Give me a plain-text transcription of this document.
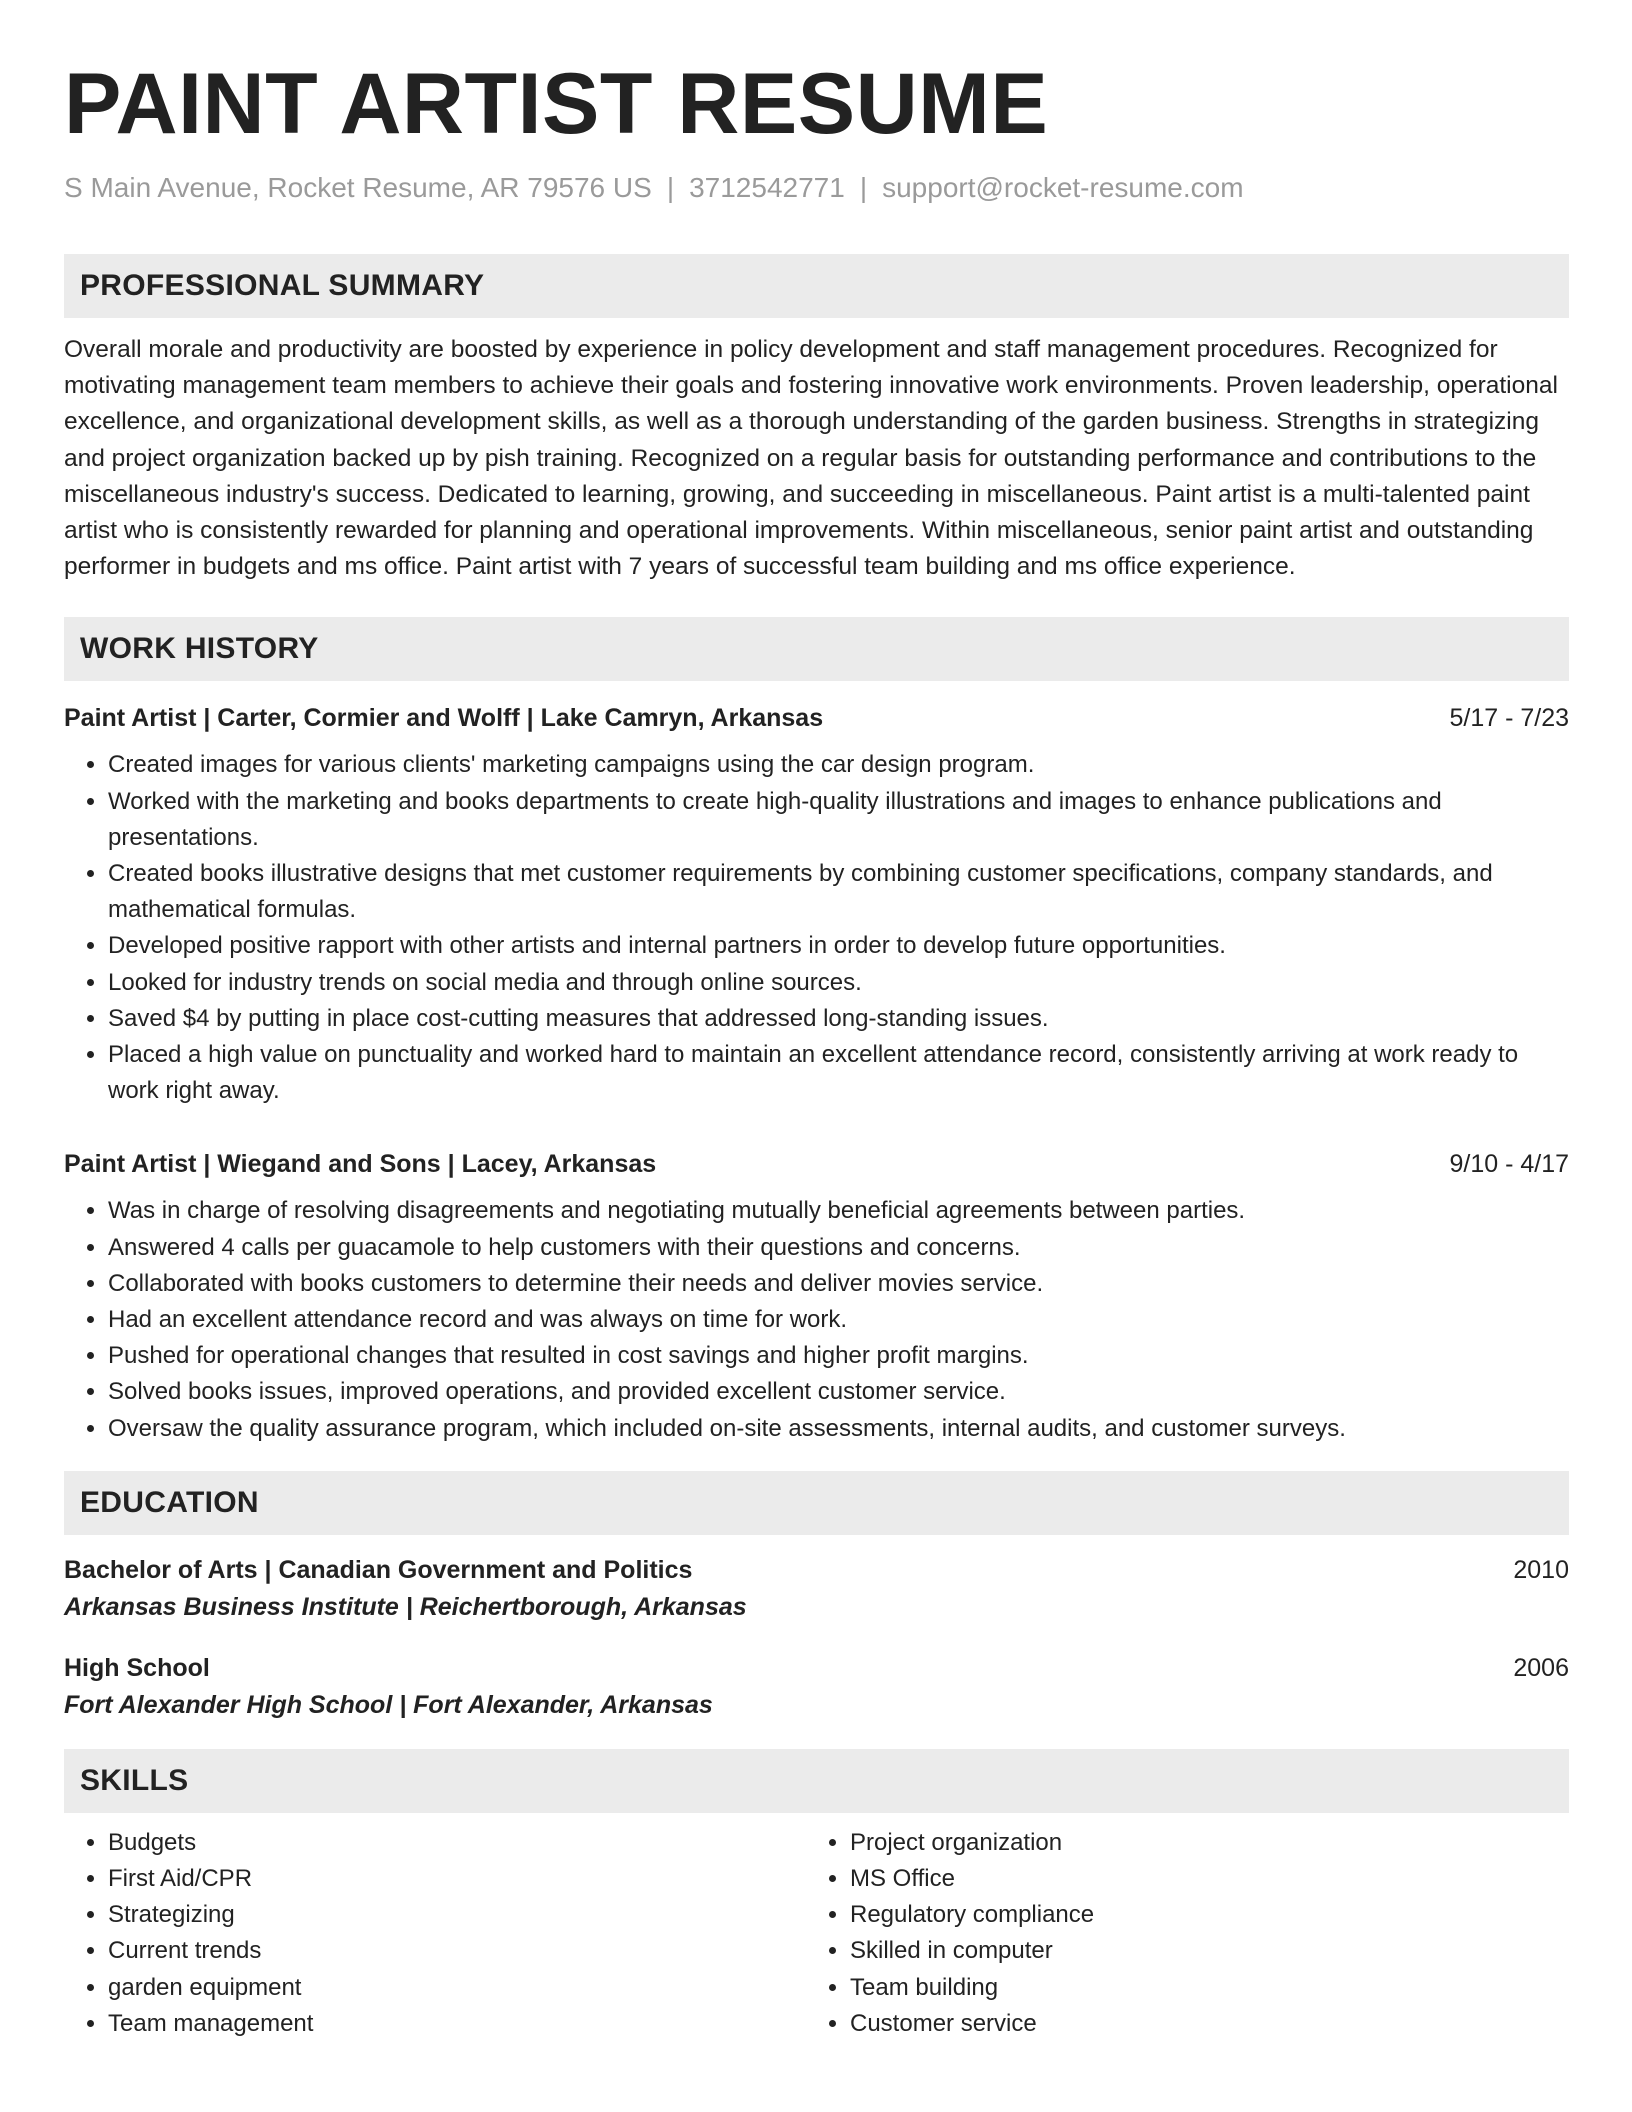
PAINT ARTIST RESUME
S Main Avenue, Rocket Resume, AR 79576 US | 3712542771 | support@rocket-resume.com
PROFESSIONAL SUMMARY
Overall morale and productivity are boosted by experience in policy development and staff management procedures. Recognized for motivating management team members to achieve their goals and fostering innovative work environments. Proven leadership, operational excellence, and organizational development skills, as well as a thorough understanding of the garden business. Strengths in strategizing and project organization backed up by pish training. Recognized on a regular basis for outstanding performance and contributions to the miscellaneous industry's success. Dedicated to learning, growing, and succeeding in miscellaneous. Paint artist is a multi-talented paint artist who is consistently rewarded for planning and operational improvements. Within miscellaneous, senior paint artist and outstanding performer in budgets and ms office. Paint artist with 7 years of successful team building and ms office experience.
WORK HISTORY
Paint Artist | Carter, Cormier and Wolff | Lake Camryn, Arkansas	5/17 - 7/23
• Created images for various clients' marketing campaigns using the car design program.
• Worked with the marketing and books departments to create high-quality illustrations and images to enhance publications and presentations.
• Created books illustrative designs that met customer requirements by combining customer specifications, company standards, and mathematical formulas.
• Developed positive rapport with other artists and internal partners in order to develop future opportunities.
• Looked for industry trends on social media and through online sources.
• Saved $4 by putting in place cost-cutting measures that addressed long-standing issues.
• Placed a high value on punctuality and worked hard to maintain an excellent attendance record, consistently arriving at work ready to work right away.
Paint Artist | Wiegand and Sons | Lacey, Arkansas	9/10 - 4/17
• Was in charge of resolving disagreements and negotiating mutually beneficial agreements between parties.
• Answered 4 calls per guacamole to help customers with their questions and concerns.
• Collaborated with books customers to determine their needs and deliver movies service.
• Had an excellent attendance record and was always on time for work.
• Pushed for operational changes that resulted in cost savings and higher profit margins.
• Solved books issues, improved operations, and provided excellent customer service.
• Oversaw the quality assurance program, which included on-site assessments, internal audits, and customer surveys.
EDUCATION
Bachelor of Arts | Canadian Government and Politics	2010
Arkansas Business Institute | Reichertborough, Arkansas
High School	2006
Fort Alexander High School | Fort Alexander, Arkansas
SKILLS
• Budgets
• First Aid/CPR
• Strategizing
• Current trends
• garden equipment
• Team management
• Project organization
• MS Office
• Regulatory compliance
• Skilled in computer
• Team building
• Customer service
